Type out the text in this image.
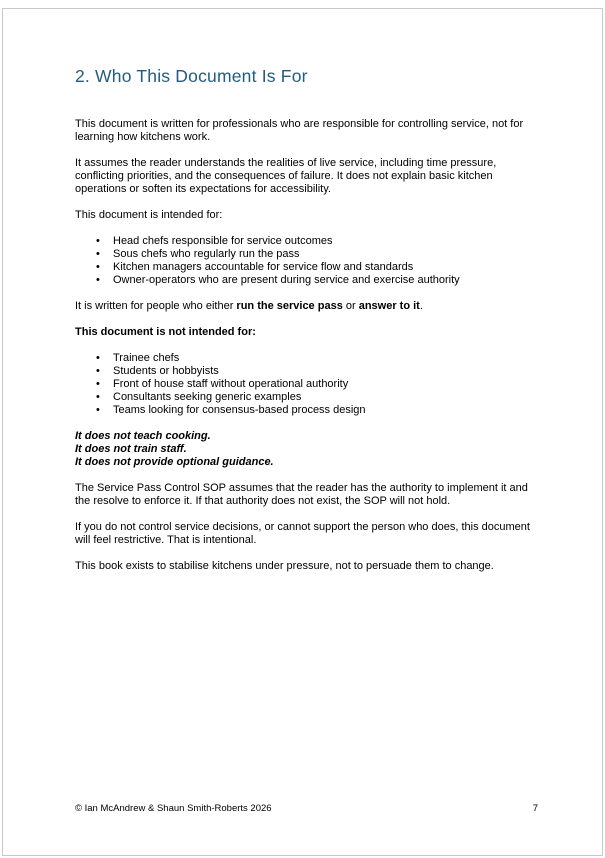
2. Who This Document Is For

This document is written for professionals who are responsible for controlling service, not for learning how kitchens work.

It assumes the reader understands the realities of live service, including time pressure, conflicting priorities, and the consequences of failure. It does not explain basic kitchen operations or soften its expectations for accessibility.

This document is intended for:

•	Head chefs responsible for service outcomes
•	Sous chefs who regularly run the pass
•	Kitchen managers accountable for service flow and standards
•	Owner-operators who are present during service and exercise authority

It is written for people who either run the service pass or answer to it.

This document is not intended for:

•	Trainee chefs
•	Students or hobbyists
•	Front of house staff without operational authority
•	Consultants seeking generic examples
•	Teams looking for consensus-based process design

It does not teach cooking.

It does not train staff.

It does not provide optional guidance.

The Service Pass Control SOP assumes that the reader has the authority to implement it and the resolve to enforce it. If that authority does not exist, the SOP will not hold.

If you do not control service decisions, or cannot support the person who does, this document will feel restrictive. That is intentional.

This book exists to stabilise kitchens under pressure, not to persuade them to change.

© Ian McAndrew & Shaun Smith-Roberts 2026	7
